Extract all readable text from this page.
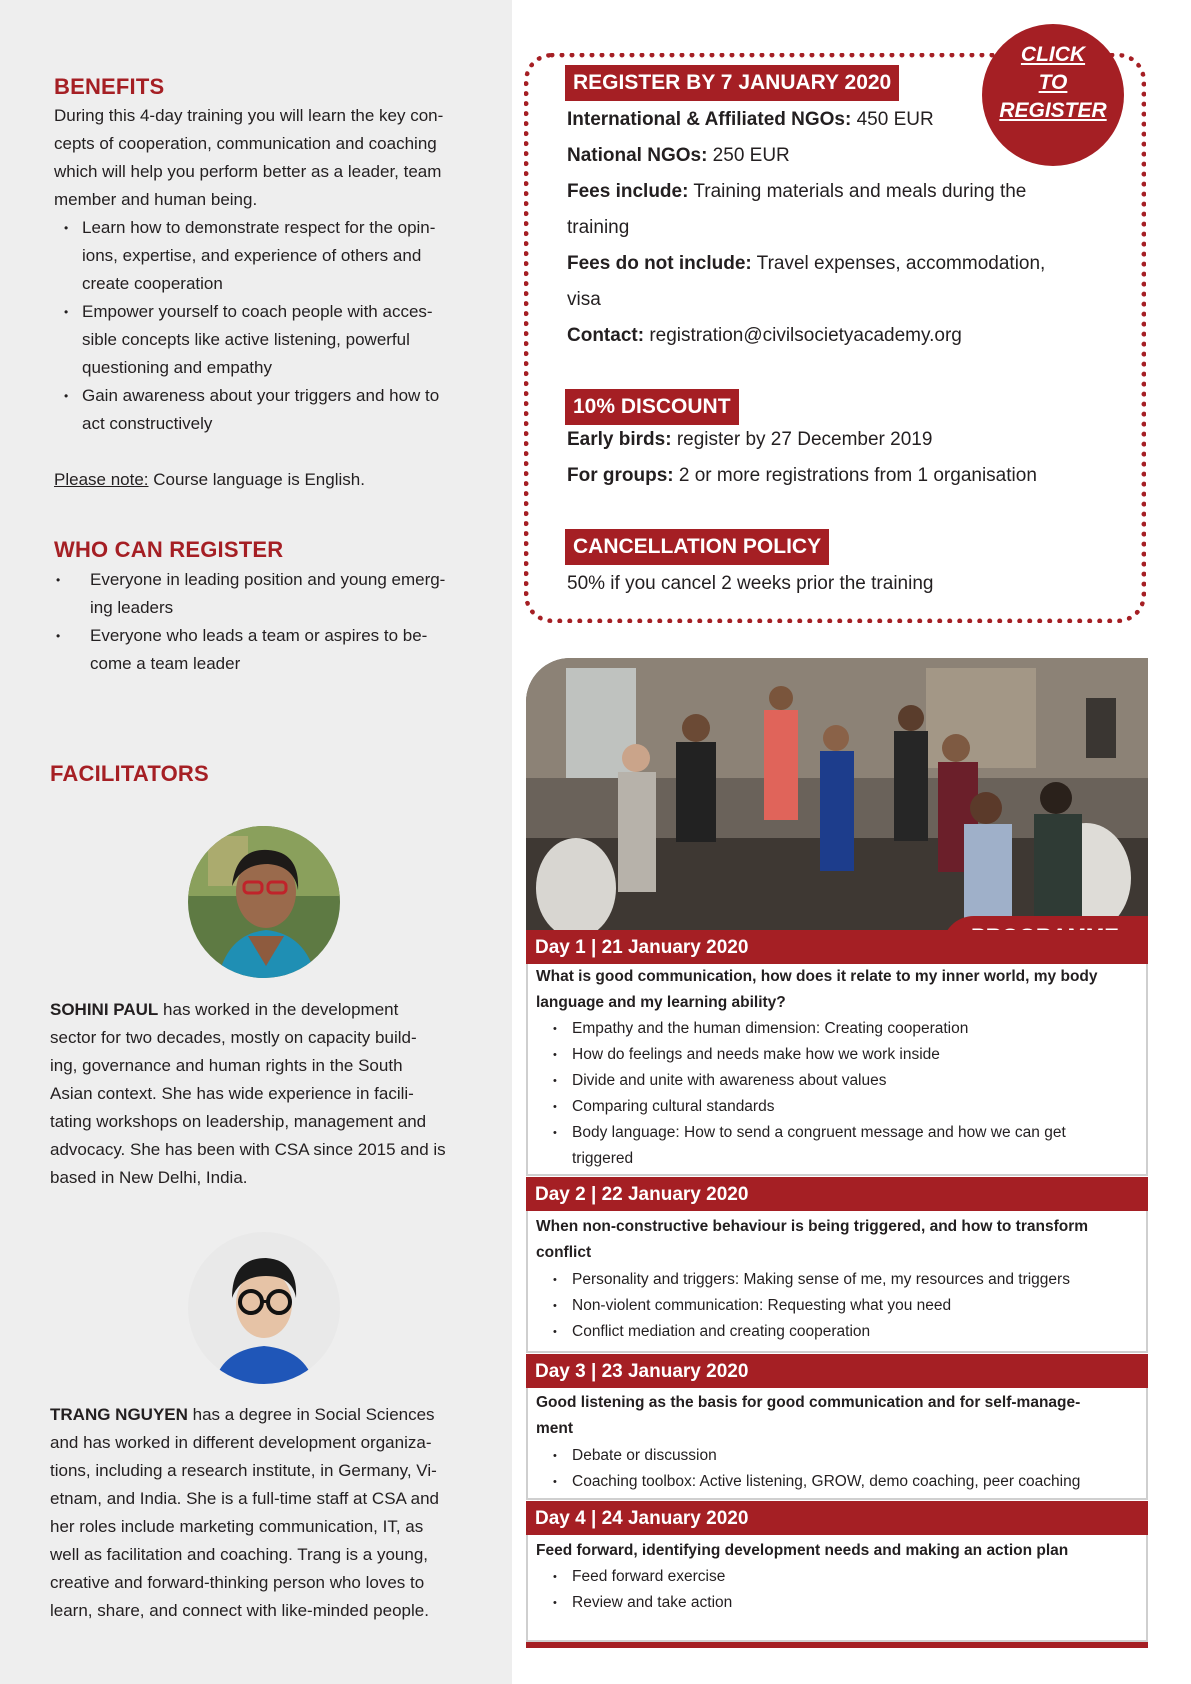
BENEFITS
During this 4-day training you will learn the key con-
cepts of cooperation, communication and coaching
which will help you perform better as a leader, team
member and human being.
• Learn how to demonstrate respect for the opin-
ions, expertise, and experience of others and
create cooperation
• Empower yourself to coach people with acces-
sible concepts like active listening, powerful
questioning and empathy
• Gain awareness about your triggers and how to
act constructively
Please note: Course language is English.
WHO CAN REGISTER
• Everyone in leading position and young emerg-
ing leaders
• Everyone who leads a team or aspires to be-
come a team leader
FACILITATORS
SOHINI PAUL has worked in the development
sector for two decades, mostly on capacity build-
ing, governance and human rights in the South
Asian context. She has wide experience in facili-
tating workshops on leadership, management and
advocacy. She has been with CSA since 2015 and is
based in New Delhi, India.
TRANG NGUYEN has a degree in Social Sciences
and has worked in different development organiza-
tions, including a research institute, in Germany, Vi-
etnam, and India. She is a full-time staff at CSA and
her roles include marketing communication, IT, as
well as facilitation and coaching. Trang is a young,
creative and forward-thinking person who loves to
learn, share, and connect with like-minded people.
REGISTER BY 7 JANUARY 2020
International & Affiliated NGOs: 450 EUR
National NGOs: 250 EUR
Fees include: Training materials and meals during the
training
Fees do not include: Travel expenses, accommodation,
visa
Contact: registration@civilsocietyacademy.org
CLICK
TO
REGISTER
10% DISCOUNT
Early birds: register by 27 December 2019
For groups: 2 or more registrations from 1 organisation
CANCELLATION POLICY
50% if you cancel 2 weeks prior the training
Day 1 | 21 January 2020
What is good communication, how does it relate to my inner world, my body
language and my learning ability?
• Empathy and the human dimension: Creating cooperation
• How do feelings and needs make how we work inside
• Divide and unite with awareness about values
• Comparing cultural standards
• Body language: How to send a congruent message and how we can get
triggered
Day 2 | 22 January 2020
When non-constructive behaviour is being triggered, and how to transform
conflict
• Personality and triggers: Making sense of me, my resources and triggers
• Non-violent communication: Requesting what you need
• Conflict mediation and creating cooperation
Day 3 | 23 January 2020
Good listening as the basis for good communication and for self-manage-
ment
• Debate or discussion
• Coaching toolbox: Active listening, GROW, demo coaching, peer coaching
Day 4 | 24 January 2020
Feed forward, identifying development needs and making an action plan
• Feed forward exercise
• Review and take action
